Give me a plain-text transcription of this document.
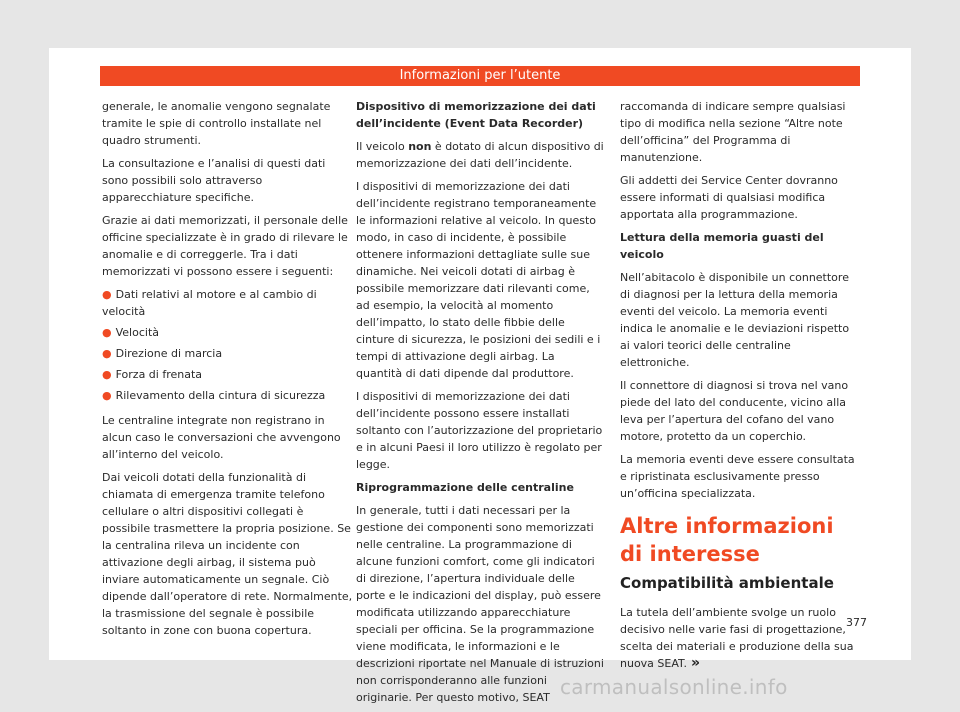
Informazioni per l’utente

generale, le anomalie vengono segnalate tramite le spie di controllo installate nel quadro strumenti.

La consultazione e l’analisi di questi dati sono possibili solo attraverso apparecchiature specifiche.

Grazie ai dati memorizzati, il personale delle officine specializzate è in grado di rilevare le anomalie e di correggerle. Tra i dati memorizzati vi possono essere i seguenti:

● Dati relativi al motore e al cambio di velocità
● Velocità
● Direzione di marcia
● Forza di frenata
● Rilevamento della cintura di sicurezza

Le centraline integrate non registrano in alcun caso le conversazioni che avvengono all’interno del veicolo.

Dai veicoli dotati della funzionalità di chiamata di emergenza tramite telefono cellulare o altri dispositivi collegati è possibile trasmettere la propria posizione. Se la centralina rileva un incidente con attivazione degli airbag, il sistema può inviare automaticamente un segnale. Ciò dipende dall’operatore di rete. Normalmente, la trasmissione del segnale è possibile soltanto in zone con buona copertura.

Dispositivo di memorizzazione dei dati dell’incidente (Event Data Recorder)

Il veicolo non è dotato di alcun dispositivo di memorizzazione dei dati dell’incidente.

I dispositivi di memorizzazione dei dati dell’incidente registrano temporaneamente le informazioni relative al veicolo. In questo modo, in caso di incidente, è possibile ottenere informazioni dettagliate sulle sue dinamiche. Nei veicoli dotati di airbag è possibile memorizzare dati rilevanti come, ad esempio, la velocità al momento dell’impatto, lo stato delle fibbie delle cinture di sicurezza, le posizioni dei sedili e i tempi di attivazione degli airbag. La quantità di dati dipende dal produttore.

I dispositivi di memorizzazione dei dati dell’incidente possono essere installati soltanto con l’autorizzazione del proprietario e in alcuni Paesi il loro utilizzo è regolato per legge.

Riprogrammazione delle centraline

In generale, tutti i dati necessari per la gestione dei componenti sono memorizzati nelle centraline. La programmazione di alcune funzioni comfort, come gli indicatori di direzione, l’apertura individuale delle porte e le indicazioni del display, può essere modificata utilizzando apparecchiature speciali per officina. Se la programmazione viene modificata, le informazioni e le descrizioni riportate nel Manuale di istruzioni non corrisponderanno alle funzioni originarie. Per questo motivo, SEAT

raccomanda di indicare sempre qualsiasi tipo di modifica nella sezione “Altre note dell’officina” del Programma di manutenzione.

Gli addetti dei Service Center dovranno essere informati di qualsiasi modifica apportata alla programmazione.

Lettura della memoria guasti del veicolo

Nell’abitacolo è disponibile un connettore di diagnosi per la lettura della memoria eventi del veicolo. La memoria eventi indica le anomalie e le deviazioni rispetto ai valori teorici delle centraline elettroniche.

Il connettore di diagnosi si trova nel vano piede del lato del conducente, vicino alla leva per l’apertura del cofano del vano motore, protetto da un coperchio.

La memoria eventi deve essere consultata e ripristinata esclusivamente presso un’officina specializzata.

Altre informazioni di interesse
Compatibilità ambientale

La tutela dell’ambiente svolge un ruolo decisivo nelle varie fasi di progettazione, scelta dei materiali e produzione della sua nuova SEAT. »

377
carmanualsonline.info
